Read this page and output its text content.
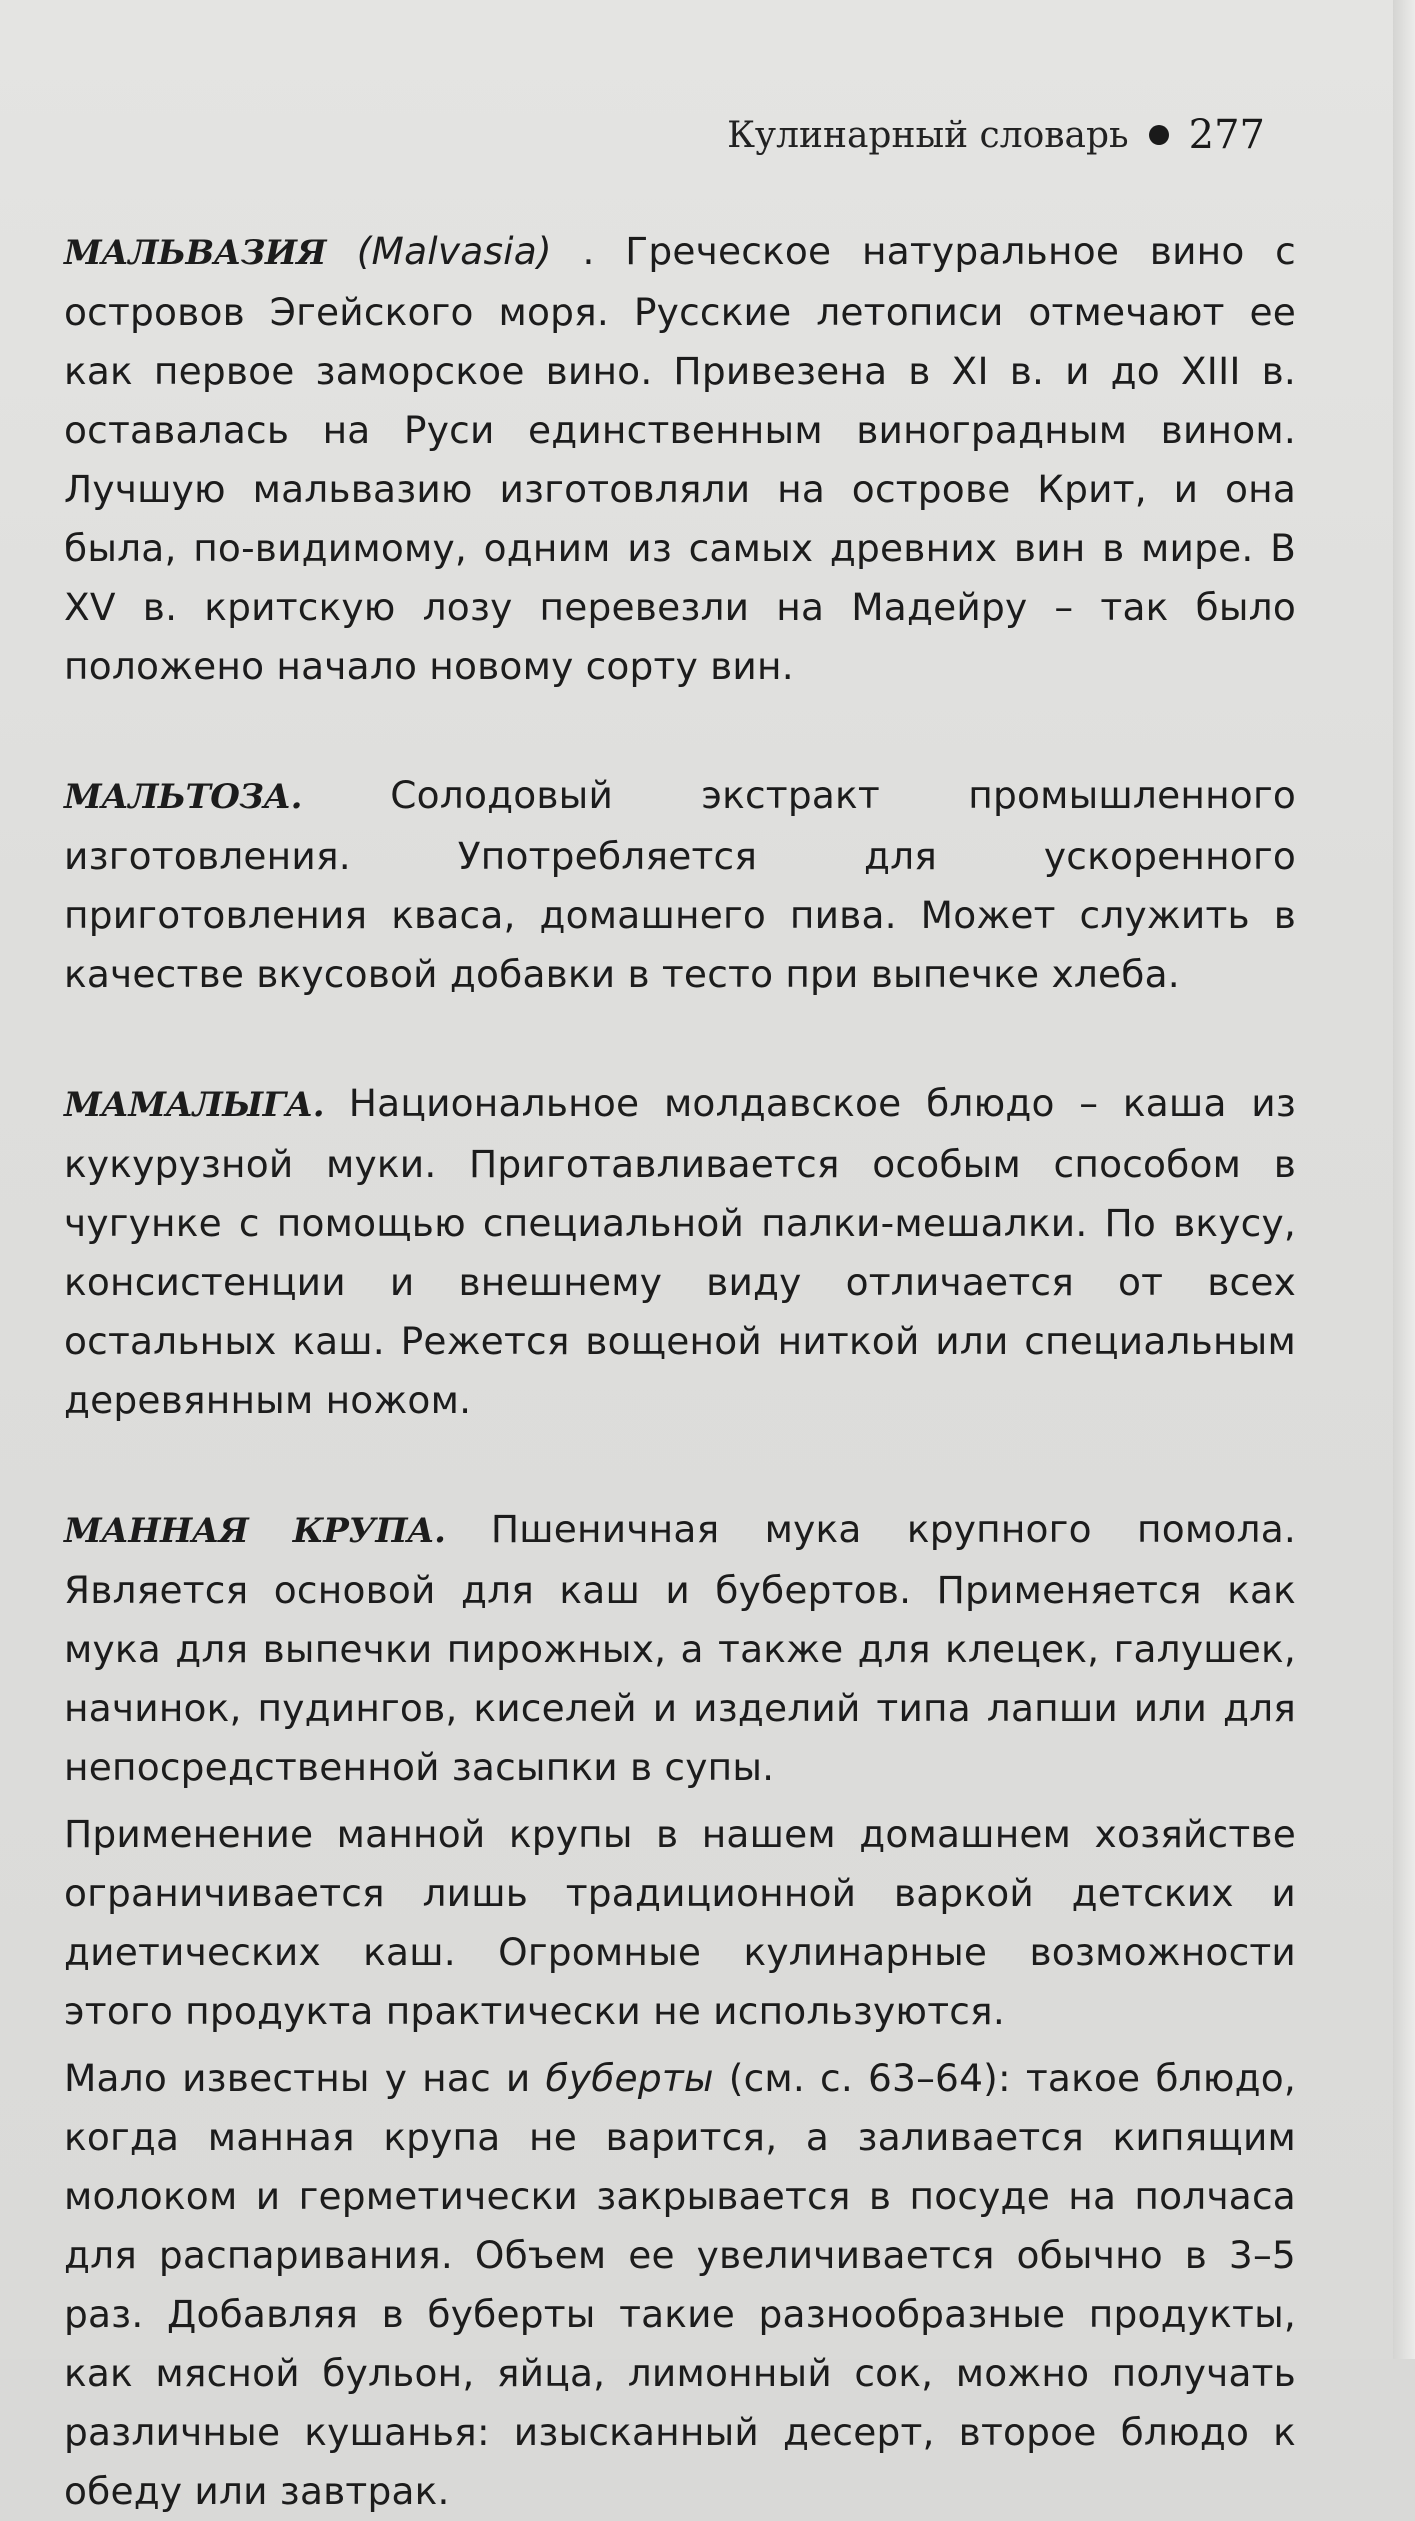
Кулинарный словарь 277

МАЛЬВАЗИЯ (Malvasia) . Греческое натуральное вино с островов Эгейского моря. Русские летописи отмечают ее как первое заморское вино. Привезена в XI в. и до XIII в. оставалась на Руси единственным виноградным вином. Лучшую мальвазию изготовляли на острове Крит, и она была, по-видимому, одним из самых древних вин в мире. В XV в. критскую лозу перевезли на Мадейру – так было положено начало новому сорту вин.

МАЛЬТОЗА. Солодовый экстракт промышленного изготовления. Употребляется для ускоренного приготовления кваса, домашнего пива. Может служить в качестве вкусовой добавки в тесто при выпечке хлеба.

МАМАЛЫГА. Национальное молдавское блюдо – каша из кукурузной муки. Приготавливается особым способом в чугунке с помощью специальной палки-мешалки. По вкусу, консистенции и внешнему виду отличается от всех остальных каш. Режется вощеной ниткой или специальным деревянным ножом.

МАННАЯ КРУПА. Пшеничная мука крупного помола. Является основой для каш и бубертов. Применяется как мука для выпечки пирожных, а также для клецек, галушек, начинок, пудингов, киселей и изделий типа лапши или для непосредственной засыпки в супы.

Применение манной крупы в нашем домашнем хозяйстве ограничивается лишь традиционной варкой детских и диетических каш. Огромные кулинарные возможности этого продукта практически не используются.

Мало известны у нас и буберты (см. с. 63–64): такое блюдо, когда манная крупа не варится, а заливается кипящим молоком и герметически закрывается в посуде на полчаса для распаривания. Объем ее увеличивается обычно в 3–5 раз. Добавляя в буберты такие разнообразные продукты, как мясной бульон, яйца, лимонный сок, можно получать различные кушанья: изысканный десерт, второе блюдо к обеду или завтрак.
